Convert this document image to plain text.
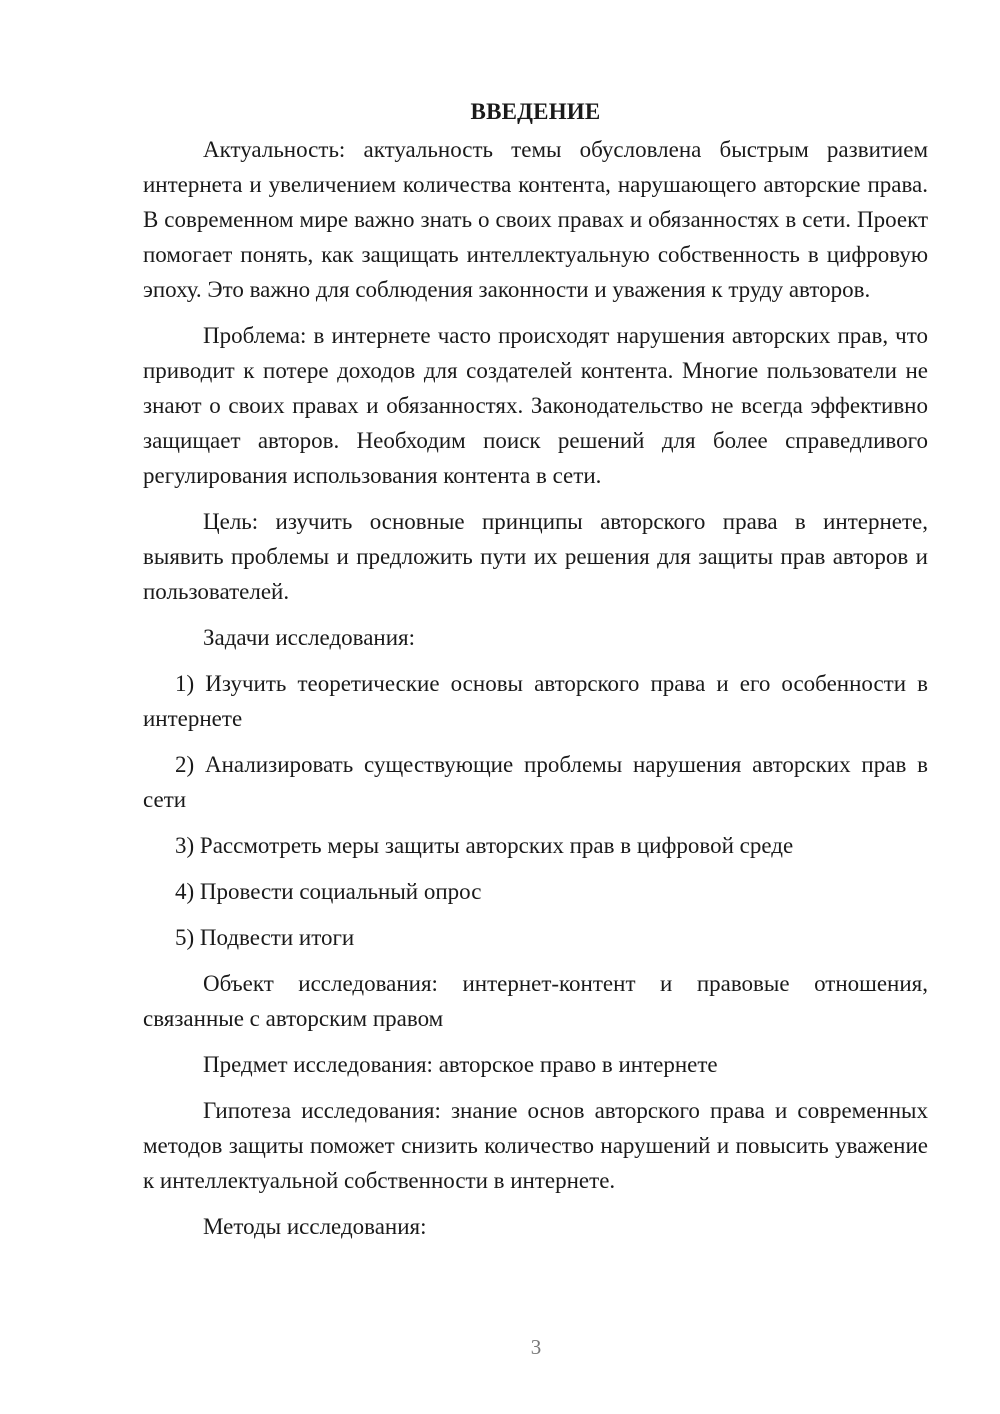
ВВЕДЕНИЕ

Актуальность: актуальность темы обусловлена быстрым развитием интернета и увеличением количества контента, нарушающего авторские права. В современном мире важно знать о своих правах и обязанностях в сети. Проект помогает понять, как защищать интеллектуальную собственность в цифровую эпоху. Это важно для соблюдения законности и уважения к труду авторов.

Проблема: в интернете часто происходят нарушения авторских прав, что приводит к потере доходов для создателей контента. Многие пользователи не знают о своих правах и обязанностях. Законодательство не всегда эффективно защищает авторов. Необходим поиск решений для более справедливого регулирования использования контента в сети.

Цель: изучить основные принципы авторского права в интернете, выявить проблемы и предложить пути их решения для защиты прав авторов и пользователей.

Задачи исследования:

1) Изучить теоретические основы авторского права и его особенности в интернете

2) Анализировать существующие проблемы нарушения авторских прав в сети

3) Рассмотреть меры защиты авторских прав в цифровой среде

4) Провести социальный опрос

5) Подвести итоги

Объект исследования: интернет-контент и правовые отношения, связанные с авторским правом

Предмет исследования: авторское право в интернете

Гипотеза исследования: знание основ авторского права и современных методов защиты поможет снизить количество нарушений и повысить уважение к интеллектуальной собственности в интернете.

Методы исследования:

3
